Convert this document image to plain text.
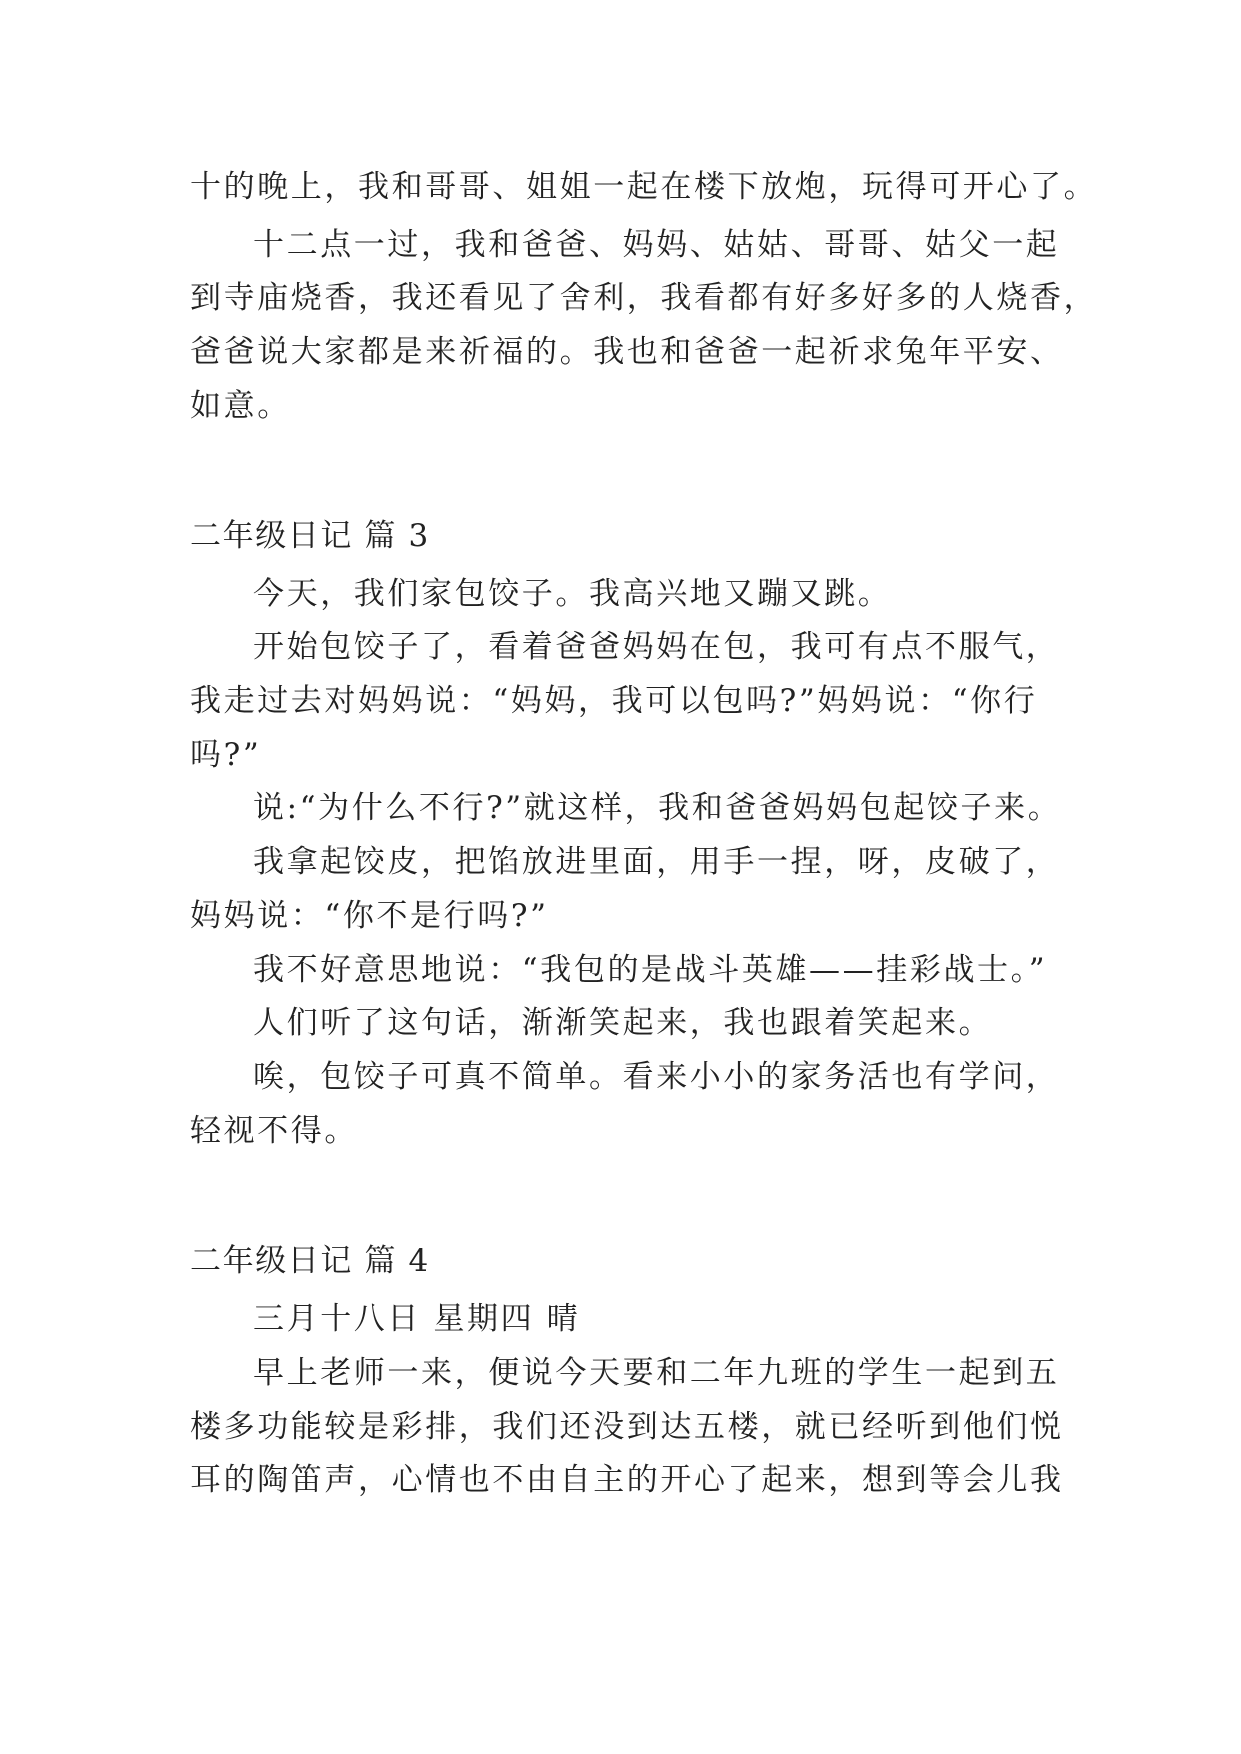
十的晚上，我和哥哥、姐姐一起在楼下放炮，玩得可开心了。
十二点一过，我和爸爸、妈妈、姑姑、哥哥、姑父一起
到寺庙烧香，我还看见了舍利，我看都有好多好多的人烧香，
爸爸说大家都是来祈福的。我也和爸爸一起祈求兔年平安、
如意。
二年级日记 篇 3
今天，我们家包饺子。我高兴地又蹦又跳。
开始包饺子了，看着爸爸妈妈在包，我可有点不服气，
我走过去对妈妈说：“妈妈，我可以包吗?”妈妈说：“你行
吗?”
说:“为什么不行?”就这样，我和爸爸妈妈包起饺子来。
我拿起饺皮，把馅放进里面，用手一捏，呀，皮破了，
妈妈说：“你不是行吗?”
我不好意思地说：“我包的是战斗英雄——挂彩战士。”
人们听了这句话，渐渐笑起来，我也跟着笑起来。
唉，包饺子可真不简单。看来小小的家务活也有学问，
轻视不得。
二年级日记 篇 4
三月十八日 星期四 晴
早上老师一来，便说今天要和二年九班的学生一起到五
楼多功能较是彩排，我们还没到达五楼，就已经听到他们悦
耳的陶笛声，心情也不由自主的开心了起来，想到等会儿我
